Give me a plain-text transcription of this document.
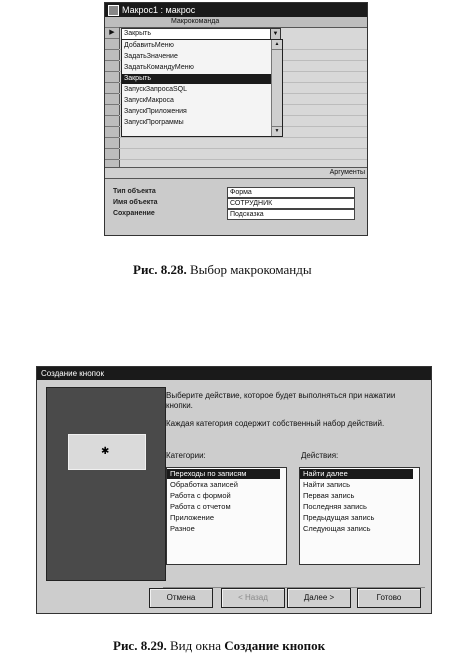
Макрос1 : макрос
▶
Макрокоманда
Закрыть	▼
ДобавитьМеню
ЗадатьЗначение
ЗадатьКомандуМеню
Закрыть
ЗапускЗапросаSQL
ЗапускМакроса
ЗапускПриложения
ЗапускПрограммы
▲
▼
Аргументы
Тип объекта	Форма
Имя объекта	СОТРУДНИК
Сохранение	Подсказка
Рис. 8.28. Выбор макрокоманды
Создание кнопок
✱
Выберите действие, которое будет выполняться при нажатии кнопки.
Каждая категория содержит собственный набор действий.
Категории:	Действия:
Переходы по записям
Обработка записей
Работа с формой
Работа с отчетом
Приложение
Разное
Найти далее
Найти запись
Первая запись
Последняя запись
Предыдущая запись
Следующая запись
Отмена	< Назад	Далее >	Готово
Рис. 8.29. Вид окна Создание кнопок
